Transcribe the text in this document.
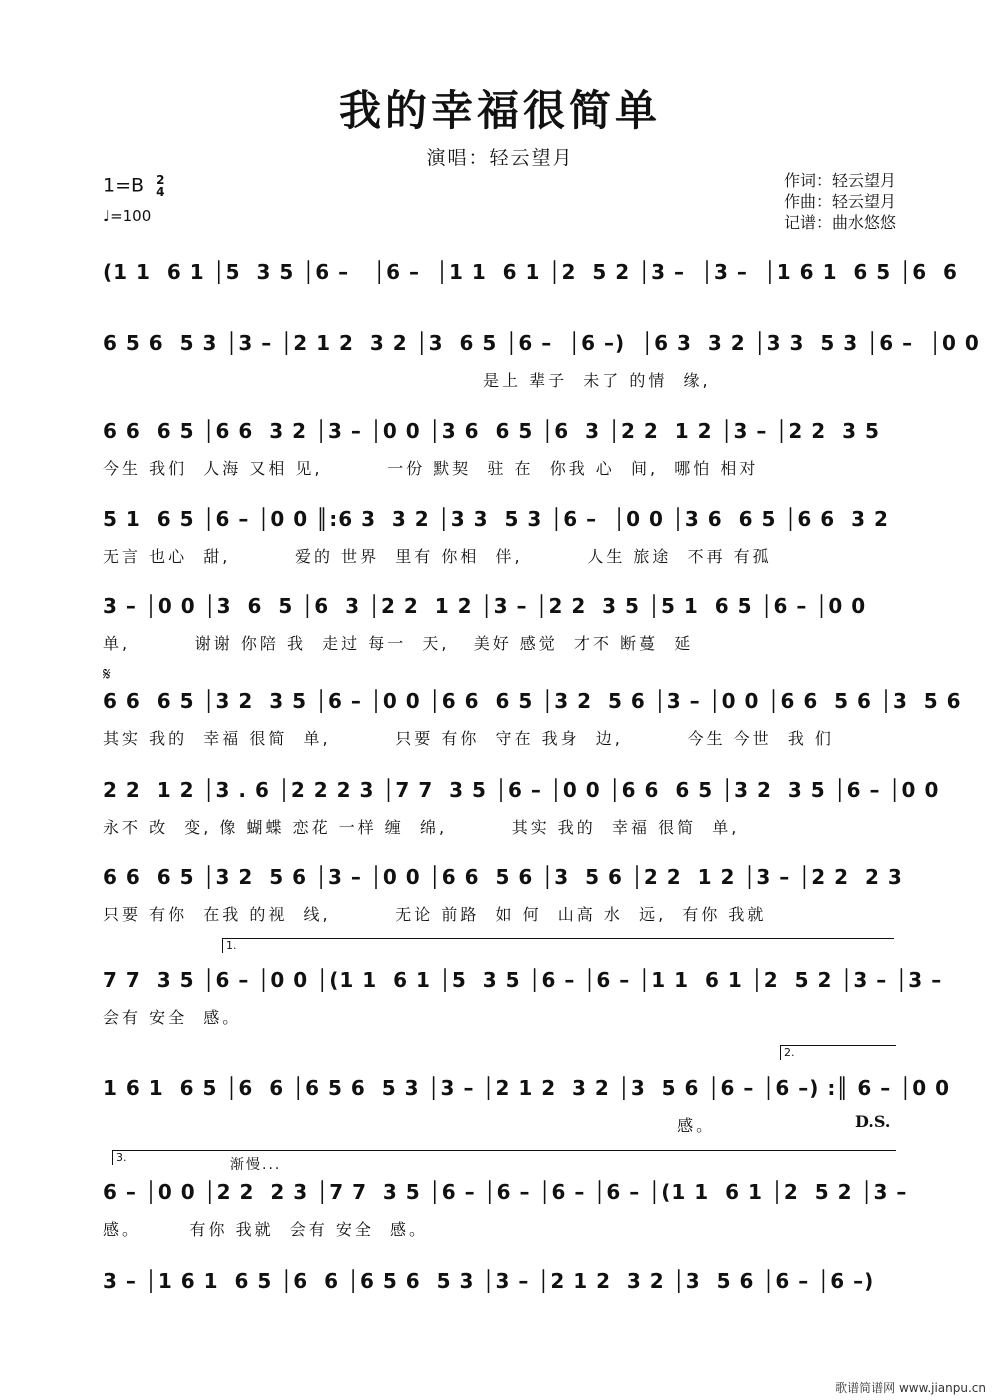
我的幸福很简单
演唱：轻云望月
1=B 2
4
♩=100
作词：轻云望月
作曲：轻云望月
记谱：曲水悠悠
(1 1  6 1 │5  3 5 │6 –   │6 –  │1 1  6 1 │2  5 2 │3 –  │3 –  │1 6 1  6 5 │6  6
6 5 6  5 3 │3 – │2 1 2  3 2 │3  6 5 │6 –  │6 –)  │6 3  3 2 │3 3  5 3 │6 –  │0 0
是上 辈子  未了 的情  缘,
6 6  6 5 │6 6  3 2 │3 – │0 0 │3 6  6 5 │6  3 │2 2  1 2 │3 – │2 2  3 5
今生 我们  人海 又相 见,        一份 默契  驻 在  你我 心  间,  哪怕 相对
5 1  6 5 │6 – │0 0 ║:6 3  3 2 │3 3  5 3 │6 –  │0 0 │3 6  6 5 │6 6  3 2
无言 也心  甜,        爱的 世界  里有 你相  伴,        人生 旅途  不再 有孤
3 – │0 0 │3  6  5 │6  3 │2 2  1 2 │3 – │2 2  3 5 │5 1  6 5 │6 – │0 0
单,        谢谢 你陪 我  走过 每一  天,   美好 感觉  才不 断蔓  延
𝄋
6 6  6 5 │3 2  3 5 │6 – │0 0 │6 6  6 5 │3 2  5 6 │3 – │0 0 │6 6  5 6 │3  5 6
其实 我的  幸福 很简  单,        只要 有你  守在 我身  边,        今生 今世  我 们
2 2  1 2 │3 . 6 │2 2 2 3 │7 7  3 5 │6 – │0 0 │6 6  6 5 │3 2  3 5 │6 – │0 0
永不 改  变, 像 蝴蝶 恋花 一样 缠  绵,        其实 我的  幸福 很简  单,
6 6  6 5 │3 2  5 6 │3 – │0 0 │6 6  5 6 │3  5 6 │2 2  1 2 │3 – │2 2  2 3
只要 有你  在我 的视  线,        无论 前路  如 何  山高 水  远,  有你 我就
1.
7 7  3 5 │6 – │0 0 │(1 1  6 1 │5  3 5 │6 – │6 – │1 1  6 1 │2  5 2 │3 – │3 –
会有 安全  感。
2.
1 6 1  6 5 │6  6 │6 5 6  5 3 │3 – │2 1 2  3 2 │3  5 6 │6 – │6 –) :║ 6 – │0 0
感。	D.S.
3.	渐慢...
6 – │0 0 │2 2  2 3 │7 7  3 5 │6 – │6 – │6 – │6 – │(1 1  6 1 │2  5 2 │3 –
感。      有你 我就  会有 安全  感。
3 – │1 6 1  6 5 │6  6 │6 5 6  5 3 │3 – │2 1 2  3 2 │3  5 6 │6 – │6 –)
歌谱简谱网 www.jianpu.cn
